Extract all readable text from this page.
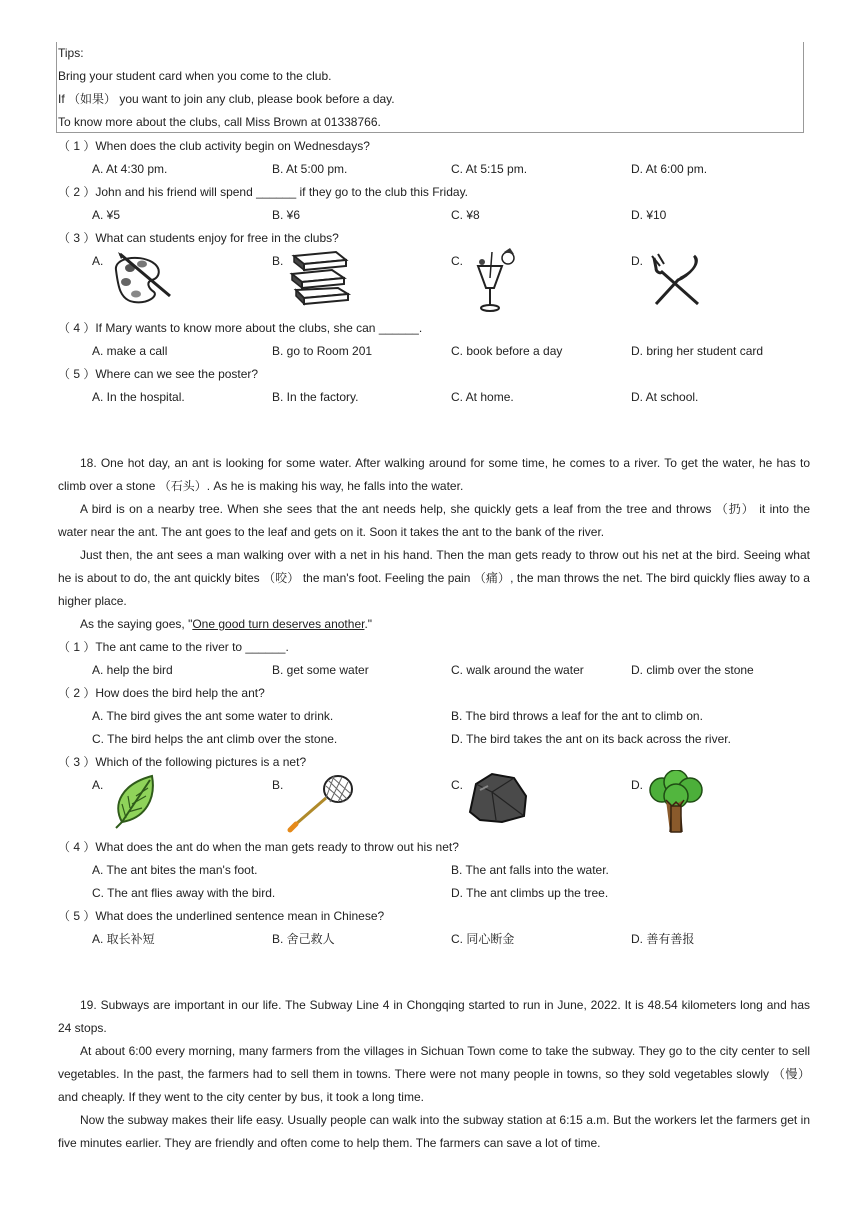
Tips:
Bring your student card when you come to the club.
If （如果） you want to join any club, please book before a day.
To know more about the clubs, call Miss Brown at 01338766.
（ 1 ）When does the club activity begin on Wednesdays?
A. At 4:30 pm.	B. At 5:00 pm.	C. At 5:15 pm.	D. At 6:00 pm.
（ 2 ）John and his friend will spend ______ if they go to the club this Friday.
A. ¥5	B. ¥6	C. ¥8	D. ¥10
（ 3 ）What can students enjoy for free in the clubs?
A.	B.	C.	D.
（ 4 ）If Mary wants to know more about the clubs, she can ______.
A. make a call	B. go to Room 201	C. book before a day	D. bring her student card
（ 5 ）Where can we see the poster?
A. In the hospital.	B. In the factory.	C. At home.	D. At school.
18. One hot day, an ant is looking for some water. After walking around for some time, he comes to a river. To get the water, he has to climb over a stone （石头）. As he is making his way, he falls into the water.
A bird is on a nearby tree. When she sees that the ant needs help, she quickly gets a leaf from the tree and throws （扔） it into the water near the ant. The ant goes to the leaf and gets on it. Soon it takes the ant to the bank of the river.
Just then, the ant sees a man walking over with a net in his hand. Then the man gets ready to throw out his net at the bird. Seeing what he is about to do, the ant quickly bites （咬） the man's foot. Feeling the pain （痛）, the man throws the net. The bird quickly flies away to a higher place.
As the saying goes, "One good turn deserves another."
（ 1 ）The ant came to the river to ______.
A. help the bird	B. get some water	C. walk around the water	D. climb over the stone
（ 2 ）How does the bird help the ant?
A. The bird gives the ant some water to drink.	B. The bird throws a leaf for the ant to climb on.
C. The bird helps the ant climb over the stone.	D. The bird takes the ant on its back across the river.
（ 3 ）Which of the following pictures is a net?
A.	B.	C.	D.
（ 4 ）What does the ant do when the man gets ready to throw out his net?
A. The ant bites the man's foot.	B. The ant falls into the water.
C. The ant flies away with the bird.	D. The ant climbs up the tree.
（ 5 ）What does the underlined sentence mean in Chinese?
A. 取长补短	B. 舍己救人	C. 同心断金	D. 善有善报
19. Subways are important in our life. The Subway Line 4 in Chongqing started to run in June, 2022. It is 48.54 kilometers long and has 24 stops.
At about 6:00 every morning, many farmers from the villages in Sichuan Town come to take the subway. They go to the city center to sell vegetables. In the past, the farmers had to sell them in towns. There were not many people in towns, so they sold vegetables slowly （慢） and cheaply. If they went to the city center by bus, it took a long time.
Now the subway makes their life easy. Usually people can walk into the subway station at 6:15 a.m. But the workers let the farmers get in five minutes earlier. They are friendly and often come to help them. The farmers can save a lot of time.
